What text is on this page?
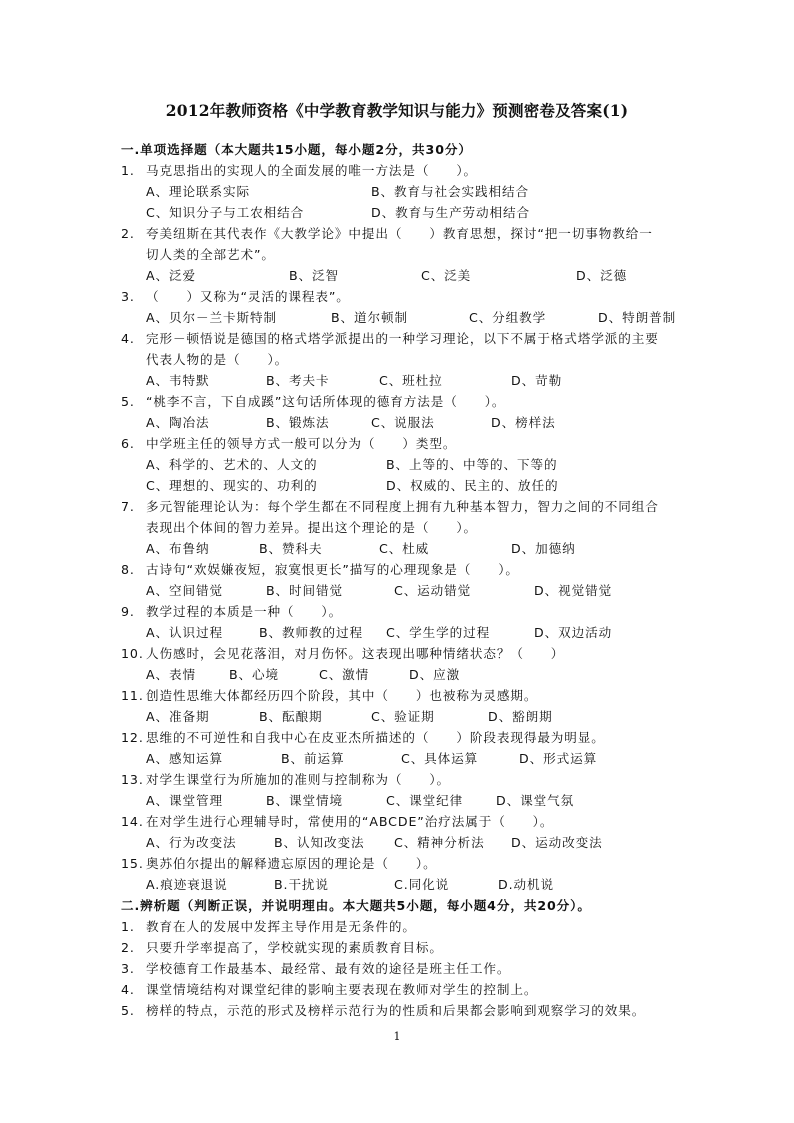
2012年教师资格《中学教育教学知识与能力》预测密卷及答案(1)
一.单项选择题（本大题共15小题，每小题2分，共30分）
1. 马克思指出的实现人的全面发展的唯一方法是（　　）。
A、理论联系实际	B、教育与社会实践相结合
C、知识分子与工农相结合	D、教育与生产劳动相结合
2. 夸美纽斯在其代表作《大教学论》中提出（　　）教育思想，探讨“把一切事物教给一
切人类的全部艺术”。
A、泛爱	B、泛智	C、泛美	D、泛德
3. （　　）又称为“灵活的课程表”。
A、贝尔－兰卡斯特制	B、道尔顿制	C、分组教学	D、特朗普制
4. 完形－顿悟说是德国的格式塔学派提出的一种学习理论，以下不属于格式塔学派的主要
代表人物的是（　　）。
A、韦特默	B、考夫卡	C、班杜拉	D、苛勒
5. “桃李不言，下自成蹊”这句话所体现的德育方法是（　　）。
A、陶冶法	B、锻炼法	C、说服法	D、榜样法
6. 中学班主任的领导方式一般可以分为（　　）类型。
A、科学的、艺术的、人文的	B、上等的、中等的、下等的
C、理想的、现实的、功利的	D、权威的、民主的、放任的
7. 多元智能理论认为：每个学生都在不同程度上拥有九种基本智力，智力之间的不同组合
表现出个体间的智力差异。提出这个理论的是（　　）。
A、布鲁纳	B、赞科夫	C、杜威	D、加德纳
8. 古诗句“欢娱嫌夜短，寂寞恨更长”描写的心理现象是（　　）。
A、空间错觉	B、时间错觉	C、运动错觉	D、视觉错觉
9. 教学过程的本质是一种（　　）。
A、认识过程	B、教师教的过程 C、学生学的过程	D、双边活动
10. 人伤感时，会见花落泪，对月伤怀。这表现出哪种情绪状态？（　　）
A、表情	B、心境	C、激情	D、应激
11. 创造性思维大体都经历四个阶段，其中（　　）也被称为灵感期。
A、准备期	B、酝酿期	C、验证期	D、豁朗期
12. 思维的不可逆性和自我中心在皮亚杰所描述的（　　）阶段表现得最为明显。
A、感知运算	B、前运算	C、具体运算	D、形式运算
13. 对学生课堂行为所施加的准则与控制称为（　　）。
A、课堂管理	B、课堂情境	C、课堂纪律	D、课堂气氛
14. 在对学生进行心理辅导时，常使用的“ABCDE”治疗法属于（　　）。
A、行为改变法	B、认知改变法 C、精神分析法 D、运动改变法
15. 奥苏伯尔提出的解释遗忘原因的理论是（　　）。
A.痕迹衰退说	B.干扰说	C.同化说	D.动机说
二.辨析题（判断正误，并说明理由。本大题共5小题，每小题4分，共20分）。
1. 教育在人的发展中发挥主导作用是无条件的。
2. 只要升学率提高了，学校就实现的素质教育目标。
3. 学校德育工作最基本、最经常、最有效的途径是班主任工作。
4. 课堂情境结构对课堂纪律的影响主要表现在教师对学生的控制上。
5. 榜样的特点，示范的形式及榜样示范行为的性质和后果都会影响到观察学习的效果。
1
